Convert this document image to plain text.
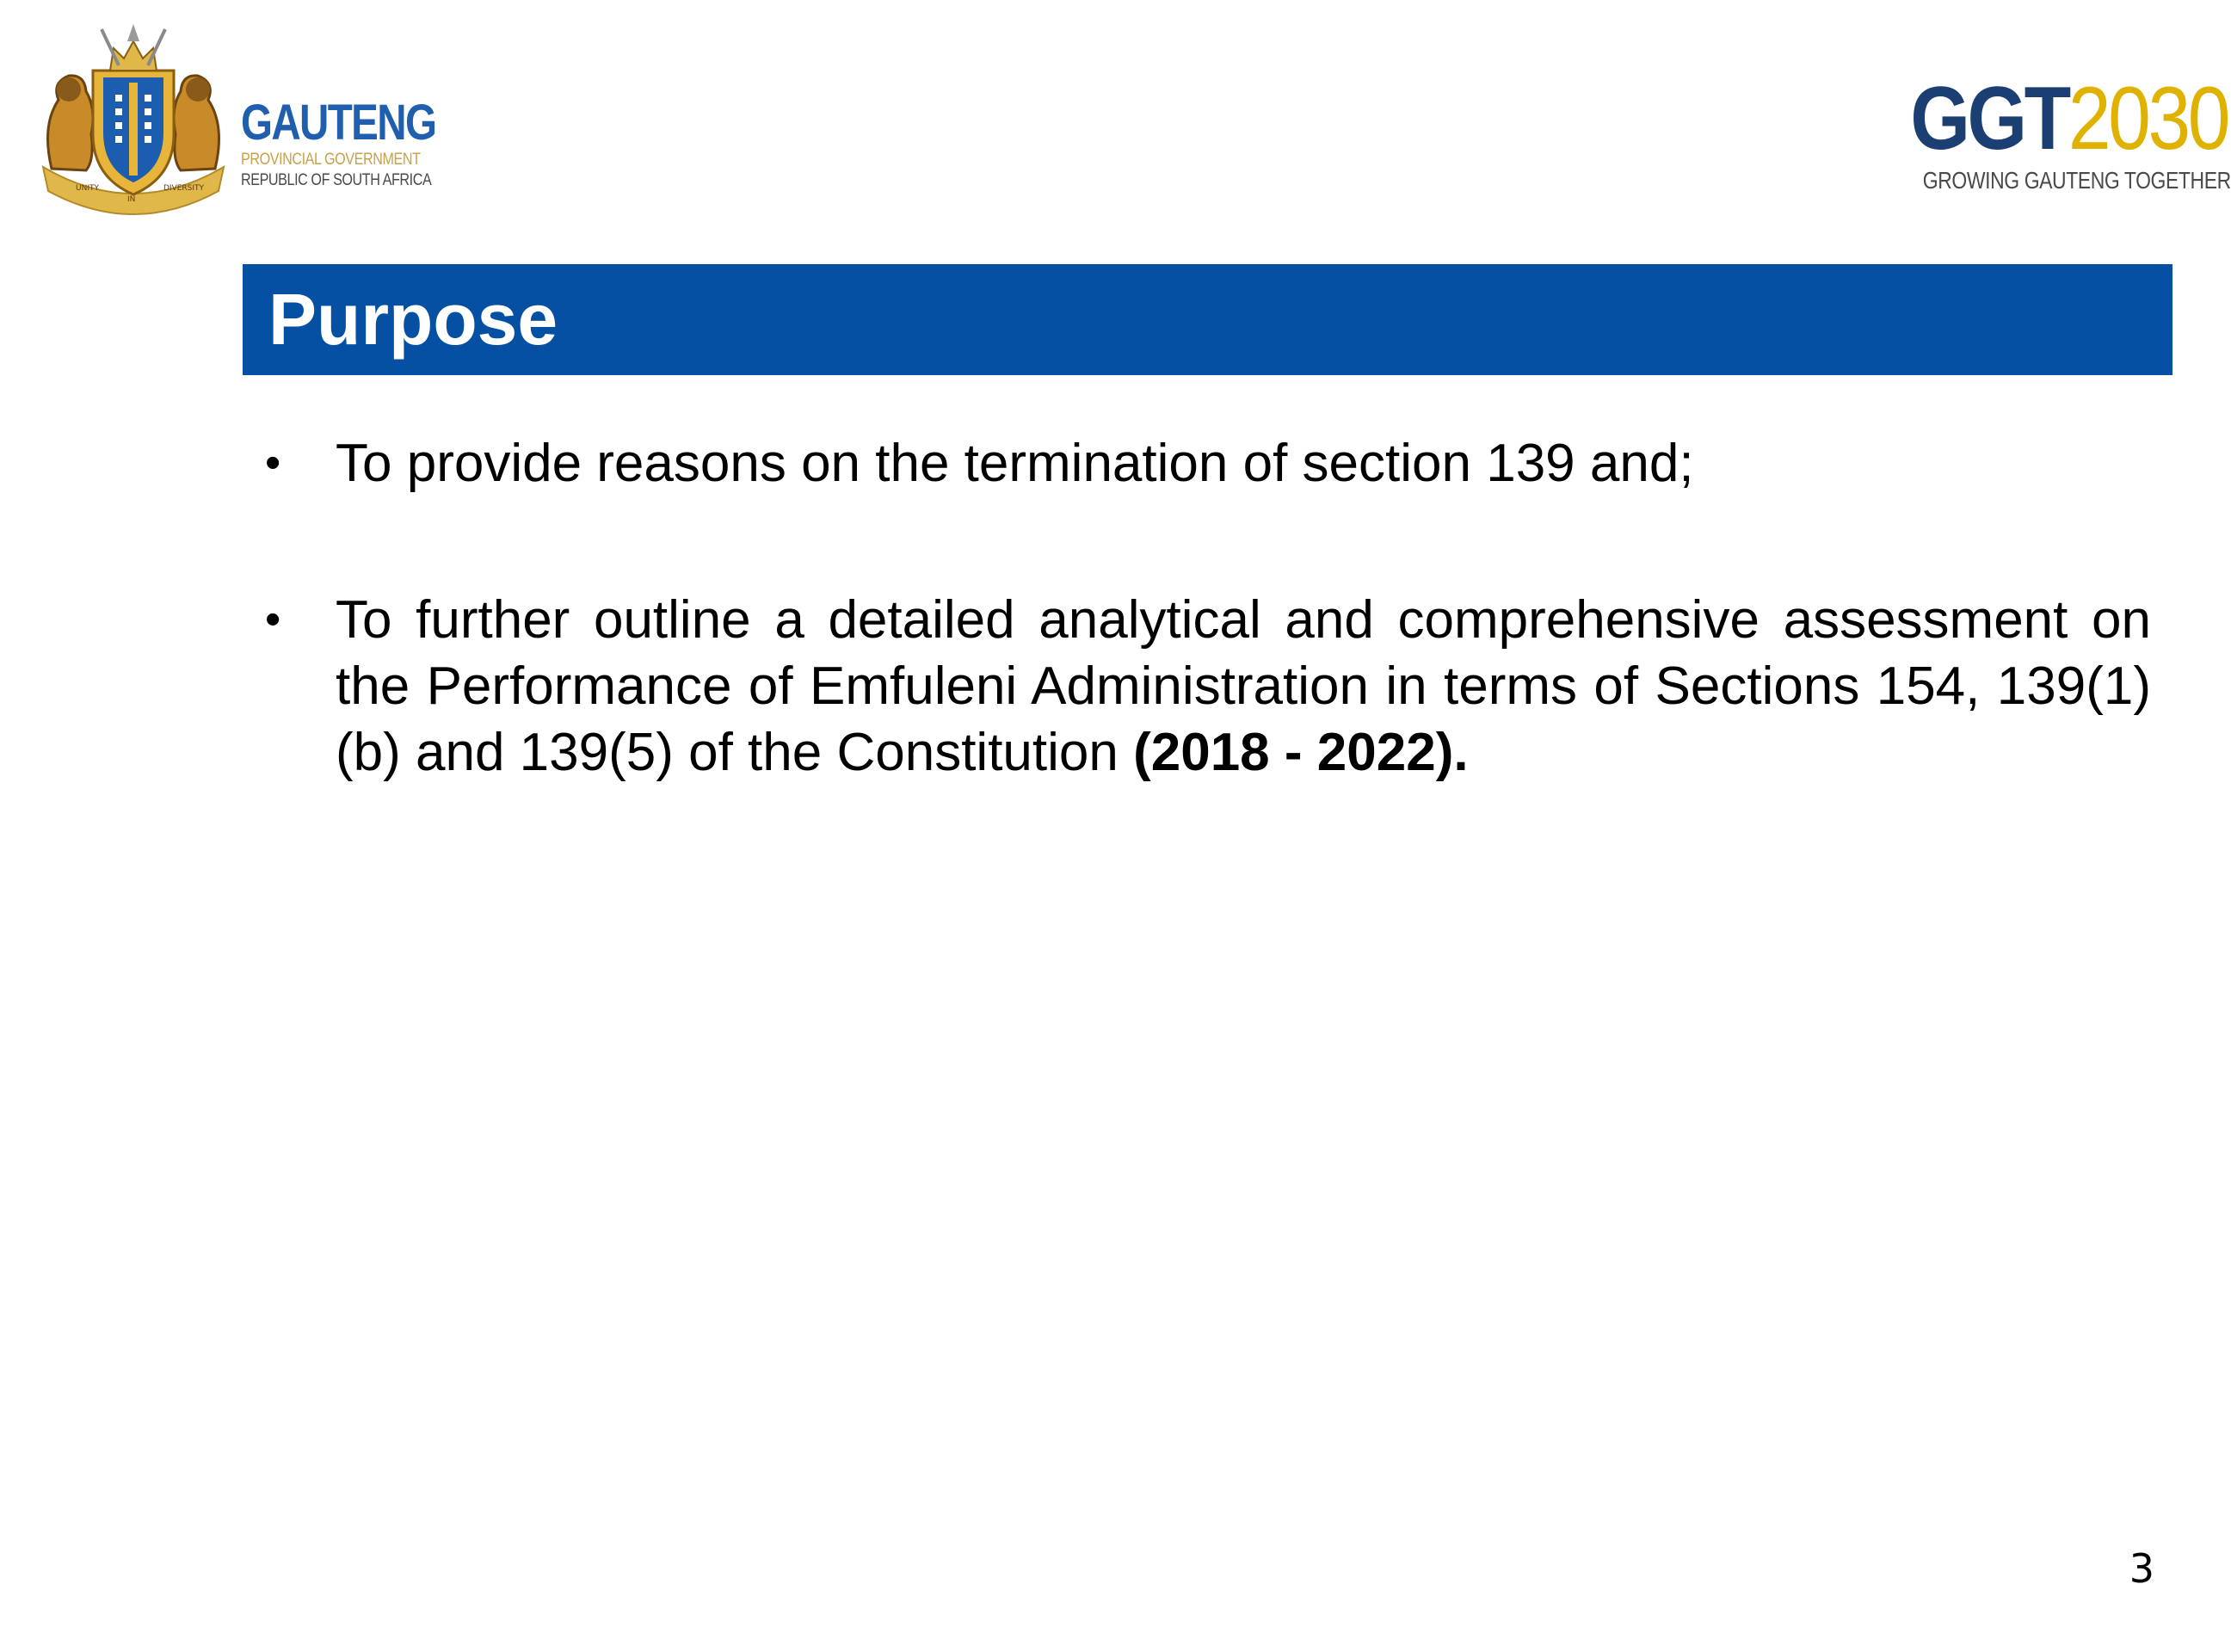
UNITY
IN
DIVERSITY
GAUTENG
PROVINCIAL GOVERNMENT
REPUBLIC OF SOUTH AFRICA
GGT2030
GROWING GAUTENG TOGETHER
Purpose
• To provide reasons on the termination of section 139 and;
• To further outline a detailed analytical and comprehensive assessment on the Performance of Emfuleni Administration in terms of Sections 154, 139(1)(b) and 139(5) of the Constitution (2018 - 2022).
3
